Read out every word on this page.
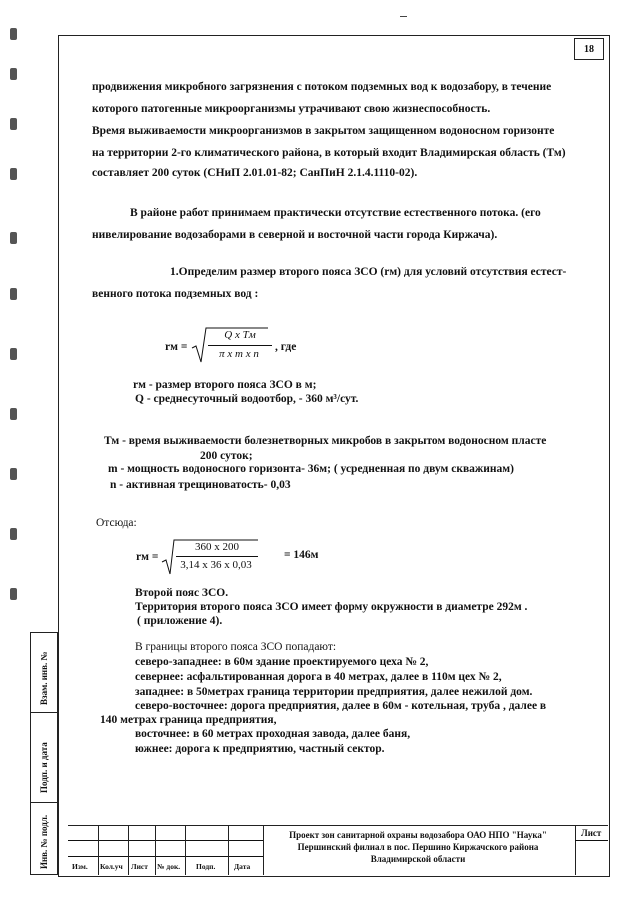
18
продвижения микробного загрязнения с потоком подземных вод к водозабору, в течение
которого патогенные микроорганизмы утрачивают свою жизнеспособность.
Время выживаемости микроорганизмов в закрытом защищенном водоносном горизонте
на территории 2-го климатического района, в который входит Владимирская область (Тм)
составляет 200 суток (СНиП 2.01.01-82; СанПиН 2.1.4.1110-02).
В районе работ принимаем практически отсутствие естественного потока. (его
нивелирование водозаборами в северной и восточной части города Киржача).
1.Определим размер второго пояса ЗСО (rм) для условий отсутствия естест-
венного потока подземных вод :
rм =
Q x Tм
π x m x n
, где
rм - размер второго пояса ЗСО в м;
Q - среднесуточный водоотбор, - 360 м³/сут.
Тм - время выживаемости болезнетворных микробов в закрытом водоносном пласте
200 суток;
m - мощность водоносного горизонта- 36м; ( усредненная по двум скважинам)
n - активная трещиноватость- 0,03
Отсюда:
rм =
360 x 200
3,14 x 36 x 0,03
= 146м
Второй пояс ЗСО.
Территория второго пояса ЗСО имеет форму окружности в диаметре 292м .
( приложение 4).
В границы второго пояса ЗСО попадают:
северо-западнее: в 60м здание проектируемого цеха № 2,
севернее: асфальтированная дорога в 40 метрах, далее в 110м цех № 2,
западнее: в 50метрах граница территории предприятия, далее нежилой дом.
северо-восточнее: дорога предприятия, далее в 60м - котельная, труба , далее в
140 метрах граница предприятия,
восточнее: в 60 метрах проходная завода, далее баня,
южнее: дорога к предприятию, частный сектор.
Взам. инв. №
Подп. и дата
Инв. № подл.	Изм. Кол.уч Лист № док. Подп. Дата
Проект зон санитарной охраны водозабора ОАО НПО "Наука"
Першинский филиал в пос. Першино Киржачского района
Владимирской области
Лист
